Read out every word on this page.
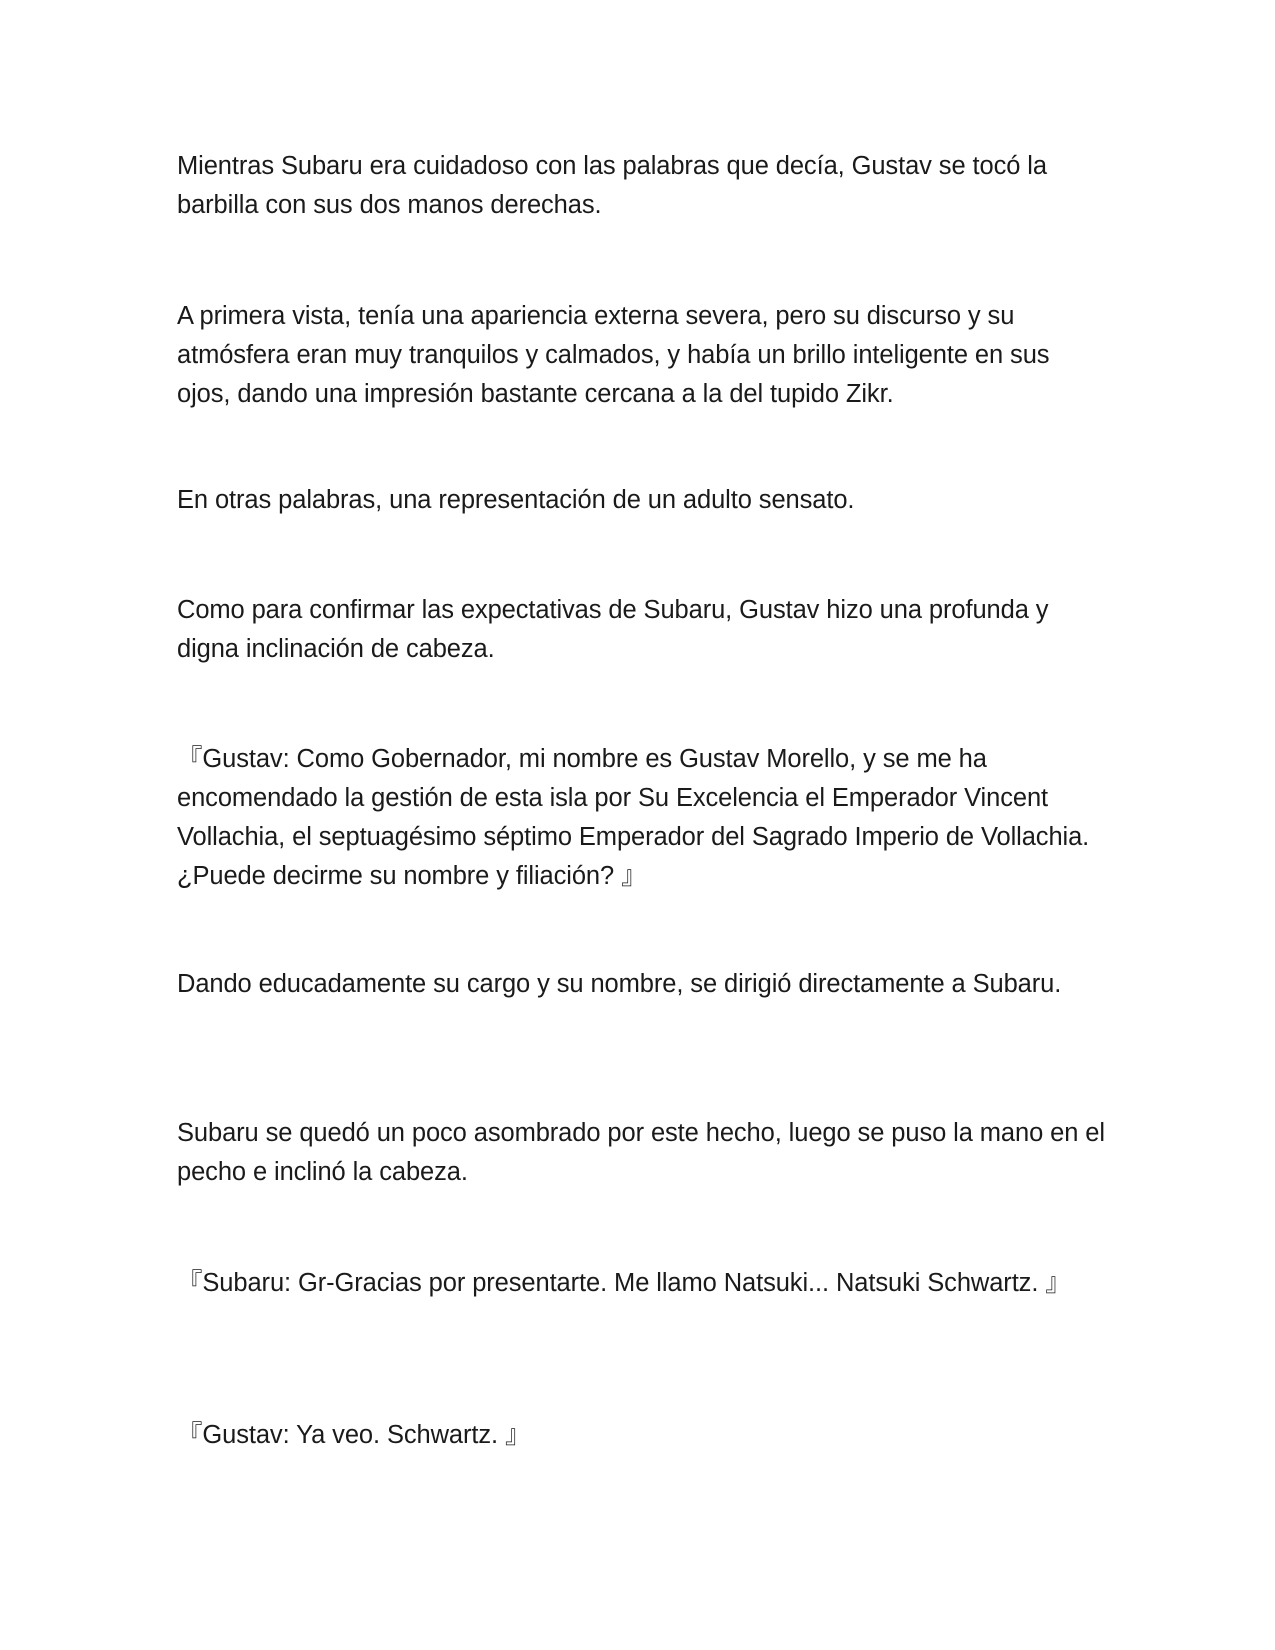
Mientras Subaru era cuidadoso con las palabras que decía, Gustav se tocó la barbilla con sus dos manos derechas.

A primera vista, tenía una apariencia externa severa, pero su discurso y su atmósfera eran muy tranquilos y calmados, y había un brillo inteligente en sus ojos, dando una impresión bastante cercana a la del tupido Zikr.

En otras palabras, una representación de un adulto sensato.

Como para confirmar las expectativas de Subaru, Gustav hizo una profunda y digna inclinación de cabeza.

『Gustav: Como Gobernador, mi nombre es Gustav Morello, y se me ha encomendado la gestión de esta isla por Su Excelencia el Emperador Vincent Vollachia, el septuagésimo séptimo Emperador del Sagrado Imperio de Vollachia. ¿Puede decirme su nombre y filiación? 』

Dando educadamente su cargo y su nombre, se dirigió directamente a Subaru.

Subaru se quedó un poco asombrado por este hecho, luego se puso la mano en el pecho e inclinó la cabeza.

『Subaru: Gr-Gracias por presentarte. Me llamo Natsuki... Natsuki Schwartz. 』

『Gustav: Ya veo. Schwartz. 』
